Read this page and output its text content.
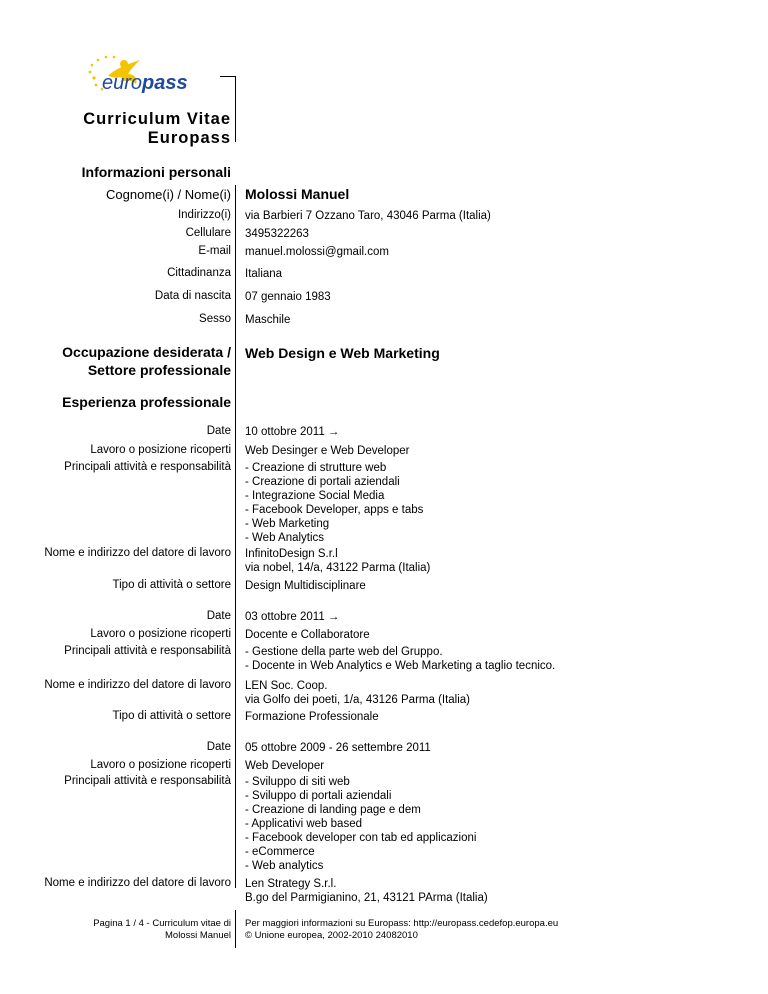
europass
Curriculum Vitae
Europass
Informazioni personali
Cognome(i) / Nome(i) Molossi Manuel
Indirizzo(i) via Barbieri 7 Ozzano Taro, 43046 Parma (Italia)
Cellulare 3495322263
E-mail manuel.molossi@gmail.com
Cittadinanza Italiana
Data di nascita 07 gennaio 1983
Sesso Maschile
Occupazione desiderata /
Settore professionale
Web Design e Web Marketing
Esperienza professionale
Date 10 ottobre 2011 →
Lavoro o posizione ricoperti Web Desinger e Web Developer
Principali attività e responsabilità - Creazione di strutture web
- Creazione di portali aziendali
- Integrazione Social Media
- Facebook Developer, apps e tabs
- Web Marketing
- Web Analytics
Nome e indirizzo del datore di lavoro InfinitoDesign S.r.l
via nobel, 14/a, 43122 Parma (Italia)
Tipo di attività o settore Design Multidisciplinare
Date 03 ottobre 2011 →
Lavoro o posizione ricoperti Docente e Collaboratore
Principali attività e responsabilità - Gestione della parte web del Gruppo.
- Docente in Web Analytics e Web Marketing a taglio tecnico.
Nome e indirizzo del datore di lavoro LEN Soc. Coop.
via Golfo dei poeti, 1/a, 43126 Parma (Italia)
Tipo di attività o settore Formazione Professionale
Date 05 ottobre 2009 - 26 settembre 2011
Lavoro o posizione ricoperti Web Developer
Principali attività e responsabilità - Sviluppo di siti web
- Sviluppo di portali aziendali
- Creazione di landing page e dem
- Applicativi web based
- Facebook developer con tab ed applicazioni
- eCommerce
- Web analytics
Nome e indirizzo del datore di lavoro Len Strategy S.r.l.
B.go del Parmigianino, 21, 43121 PArma (Italia)
Pagina 1 / 4 - Curriculum vitae di
Molossi Manuel
Per maggiori informazioni su Europass: http://europass.cedefop.europa.eu
© Unione europea, 2002-2010 24082010
